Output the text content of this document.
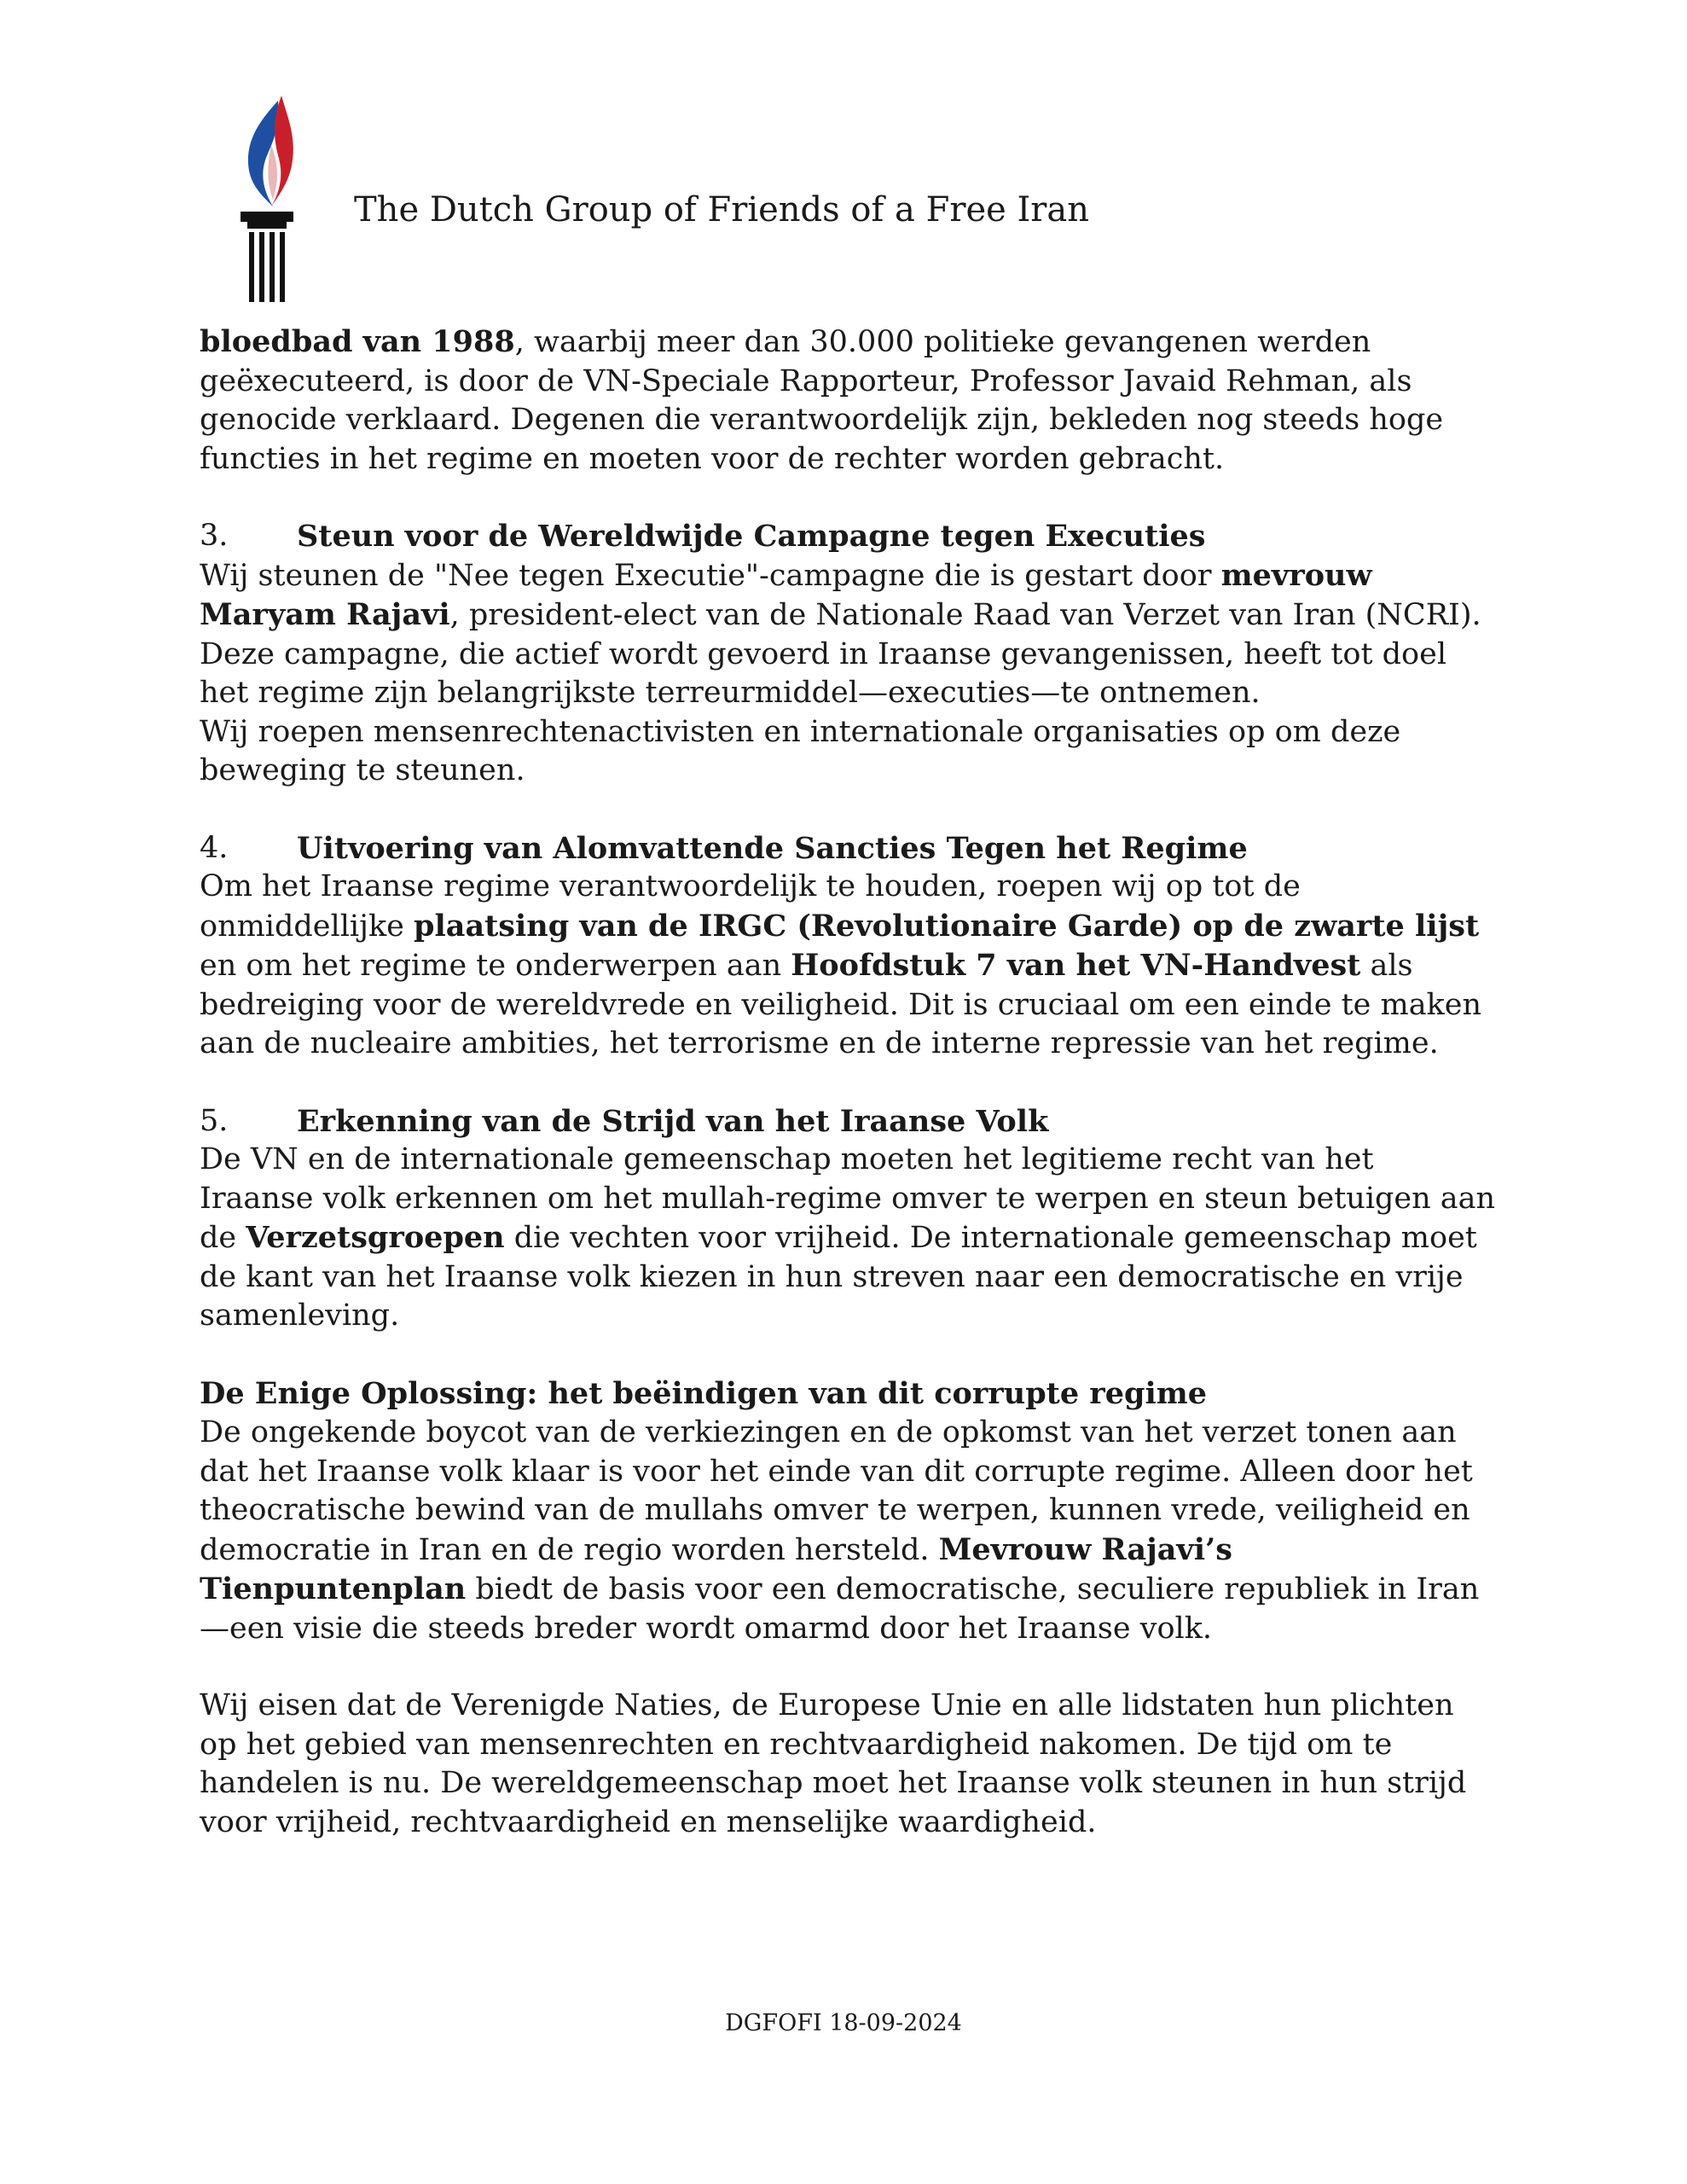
The Dutch Group of Friends of a Free Iran

bloedbad van 1988, waarbij meer dan 30.000 politieke gevangenen werden geëxecuteerd, is door de VN-Speciale Rapporteur, Professor Javaid Rehman, als genocide verklaard. Degenen die verantwoordelijk zijn, bekleden nog steeds hoge functies in het regime en moeten voor de rechter worden gebracht.

3.	Steun voor de Wereldwijde Campagne tegen Executies

Wij steunen de "Nee tegen Executie"-campagne die is gestart door mevrouw Maryam Rajavi, president-elect van de Nationale Raad van Verzet van Iran (NCRI). Deze campagne, die actief wordt gevoerd in Iraanse gevangenissen, heeft tot doel het regime zijn belangrijkste terreurmiddel—executies—te ontnemen.

Wij roepen mensenrechtenactivisten en internationale organisaties op om deze beweging te steunen.

4.	Uitvoering van Alomvattende Sancties Tegen het Regime

Om het Iraanse regime verantwoordelijk te houden, roepen wij op tot de onmiddellijke plaatsing van de IRGC (Revolutionaire Garde) op de zwarte lijst en om het regime te onderwerpen aan Hoofdstuk 7 van het VN-Handvest als bedreiging voor de wereldvrede en veiligheid. Dit is cruciaal om een einde te maken aan de nucleaire ambities, het terrorisme en de interne repressie van het regime.

5.	Erkenning van de Strijd van het Iraanse Volk

De VN en de internationale gemeenschap moeten het legitieme recht van het Iraanse volk erkennen om het mullah-regime omver te werpen en steun betuigen aan de Verzetsgroepen die vechten voor vrijheid. De internationale gemeenschap moet de kant van het Iraanse volk kiezen in hun streven naar een democratische en vrije samenleving.

De Enige Oplossing: het beëindigen van dit corrupte regime

De ongekende boycot van de verkiezingen en de opkomst van het verzet tonen aan dat het Iraanse volk klaar is voor het einde van dit corrupte regime. Alleen door het theocratische bewind van de mullahs omver te werpen, kunnen vrede, veiligheid en democratie in Iran en de regio worden hersteld. Mevrouw Rajavi’s Tienpuntenplan biedt de basis voor een democratische, seculiere republiek in Iran—een visie die steeds breder wordt omarmd door het Iraanse volk.

Wij eisen dat de Verenigde Naties, de Europese Unie en alle lidstaten hun plichten op het gebied van mensenrechten en rechtvaardigheid nakomen. De tijd om te handelen is nu. De wereldgemeenschap moet het Iraanse volk steunen in hun strijd voor vrijheid, rechtvaardigheid en menselijke waardigheid.

DGFOFI 18-09-2024
